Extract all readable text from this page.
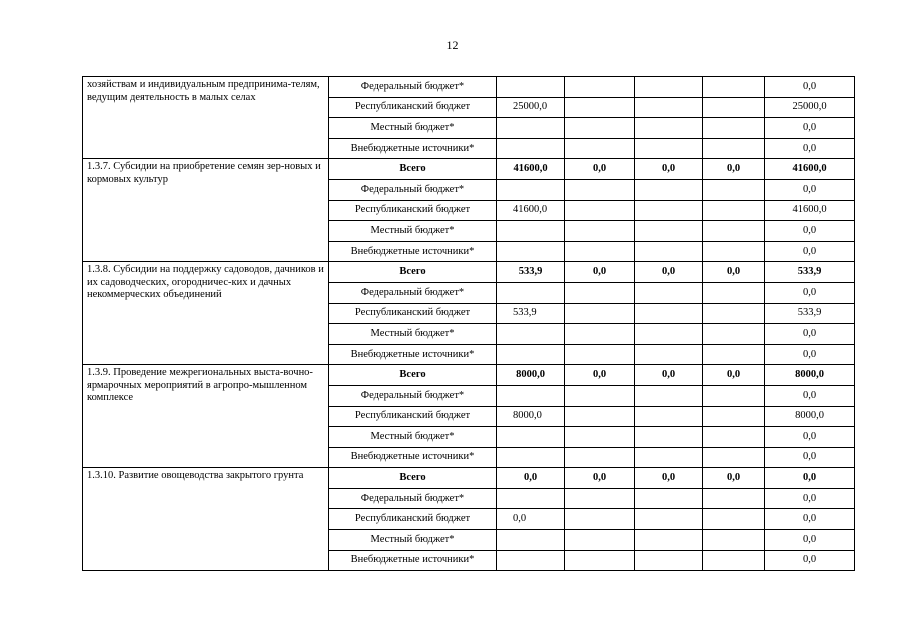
12
хозяйствам и индивидуальным предпринима-телям, ведущим деятельность в малых селах	Федеральный бюджет*					0,0
	Республиканский бюджет	25000,0				25000,0
	Местный бюджет*					0,0
	Внебюджетные источники*					0,0
1.3.7. Субсидии на приобретение семян зер-новых и кормовых культур	Всего	41600,0	0,0	0,0	0,0	41600,0
	Федеральный бюджет*					0,0
	Республиканский бюджет	41600,0				41600,0
	Местный бюджет*					0,0
	Внебюджетные источники*					0,0
1.3.8. Субсидии на поддержку садоводов, дачников и их садоводческих, огородничес-ких и дачных некоммерческих объединений	Всего	533,9	0,0	0,0	0,0	533,9
	Федеральный бюджет*					0,0
	Республиканский бюджет	533,9				533,9
	Местный бюджет*					0,0
	Внебюджетные источники*					0,0
1.3.9. Проведение межрегиональных выста-вочно-ярмарочных мероприятий в агропро-мышленном комплексе	Всего	8000,0	0,0	0,0	0,0	8000,0
	Федеральный бюджет*					0,0
	Республиканский бюджет	8000,0				8000,0
	Местный бюджет*					0,0
	Внебюджетные источники*					0,0
1.3.10. Развитие овощеводства закрытого грунта	Всего	0,0	0,0	0,0	0,0	0,0
	Федеральный бюджет*					0,0
	Республиканский бюджет	0,0				0,0
	Местный бюджет*					0,0
	Внебюджетные источники*					0,0
